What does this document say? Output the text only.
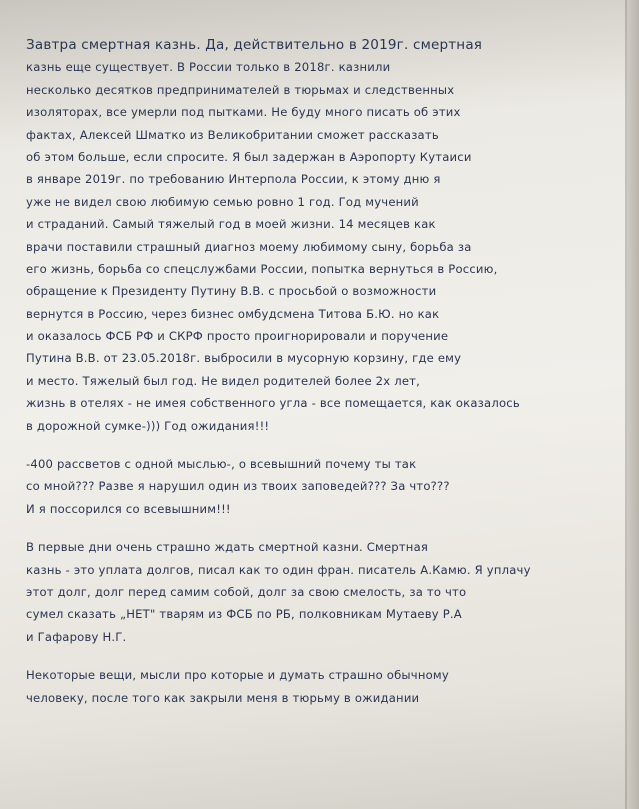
Завтра смертная казнь. Да, действительно в 2019г. смертная
казнь еще существует. В России только в 2018г. казнили
несколько десятков предпринимателей в тюрьмах и следственных
изоляторах, все умерли под пытками. Не буду много писать об этих
фактах, Алексей Шматко из Великобритании сможет рассказать
об этом больше, если спросите. Я был задержан в Аэропорту Кутаиси
в январе 2019г. по требованию Интерпола России, к этому дню я
уже не видел свою любимую семью ровно 1 год. Год мучений
и страданий. Самый тяжелый год в моей жизни. 14 месяцев как
врачи поставили страшный диагноз моему любимому сыну, борьба за
его жизнь, борьба со спецслужбами России, попытка вернуться в Россию,
обращение к Президенту Путину В.В. с просьбой о возможности
вернутся в Россию, через бизнес омбудсмена Титова Б.Ю. но как
и оказалось ФСБ РФ и СКРФ просто проигнорировали и поручение
Путина В.В. от 23.05.2018г. выбросили в мусорную корзину, где ему
и место. Тяжелый был год. Не видел родителей более 2х лет,
жизнь в отелях - не имея собственного угла - все помещается, как оказалось
в дорожной сумке-))) Год ожидания!!!
-400 рассветов с одной мыслью-, о всевышний почему ты так
со мной??? Разве я нарушил один из твоих заповедей??? За что???
И я поссорился со всевышним!!!
В первые дни очень страшно ждать смертной казни. Смертная
казнь - это уплата долгов, писал как то один фран. писатель А.Камю. Я уплачу
этот долг, долг перед самим собой, долг за свою смелость, за то что
сумел сказать „НЕТ" тварям из ФСБ по РБ, полковникам Мутаеву Р.А
и Гафарову Н.Г.
Некоторые вещи, мысли про которые и думать страшно обычному
человеку, после того как закрыли меня в тюрьму в ожидании
